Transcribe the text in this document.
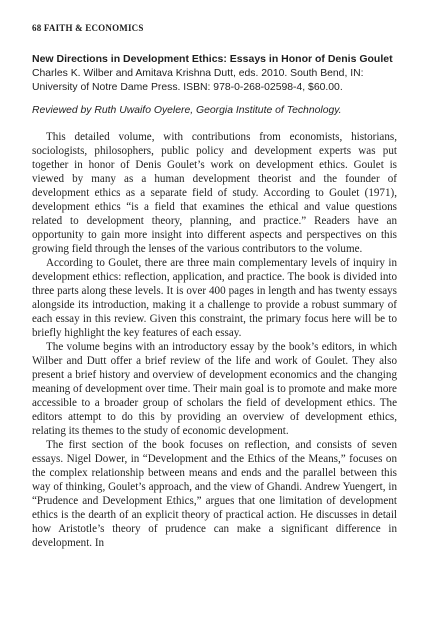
68 FAITH & ECONOMICS
New Directions in Development Ethics: Essays in Honor of Denis Goulet
Charles K. Wilber and Amitava Krishna Dutt, eds. 2010. South Bend, IN: University of Notre Dame Press. ISBN: 978-0-268-02598-4, $60.00.
Reviewed by Ruth Uwaifo Oyelere, Georgia Institute of Technology.

This detailed volume, with contributions from economists, historians, sociologists, philosophers, public policy and development experts was put together in honor of Denis Goulet’s work on development ethics. Goulet is viewed by many as a human development theorist and the founder of development ethics as a separate field of study. According to Goulet (1971), development ethics “is a field that examines the ethical and value questions related to development theory, planning, and practice.” Readers have an opportunity to gain more insight into different aspects and perspectives on this growing field through the lenses of the various contributors to the volume.

According to Goulet, there are three main complementary levels of inquiry in development ethics: reflection, application, and practice. The book is divided into three parts along these levels. It is over 400 pages in length and has twenty essays alongside its introduction, making it a challenge to provide a robust summary of each essay in this review. Given this constraint, the primary focus here will be to briefly highlight the key features of each essay.

The volume begins with an introductory essay by the book’s editors, in which Wilber and Dutt offer a brief review of the life and work of Goulet. They also present a brief history and overview of development economics and the changing meaning of development over time. Their main goal is to promote and make more accessible to a broader group of scholars the field of development ethics. The editors attempt to do this by providing an overview of development ethics, relating its themes to the study of economic development.

The first section of the book focuses on reflection, and consists of seven essays. Nigel Dower, in “Development and the Ethics of the Means,” focuses on the complex relationship between means and ends and the parallel between this way of thinking, Goulet’s approach, and the view of Ghandi. Andrew Yuengert, in “Prudence and Development Ethics,” argues that one limitation of development ethics is the dearth of an explicit theory of practical action. He discusses in detail how Aristotle’s theory of prudence can make a significant difference in development. In
